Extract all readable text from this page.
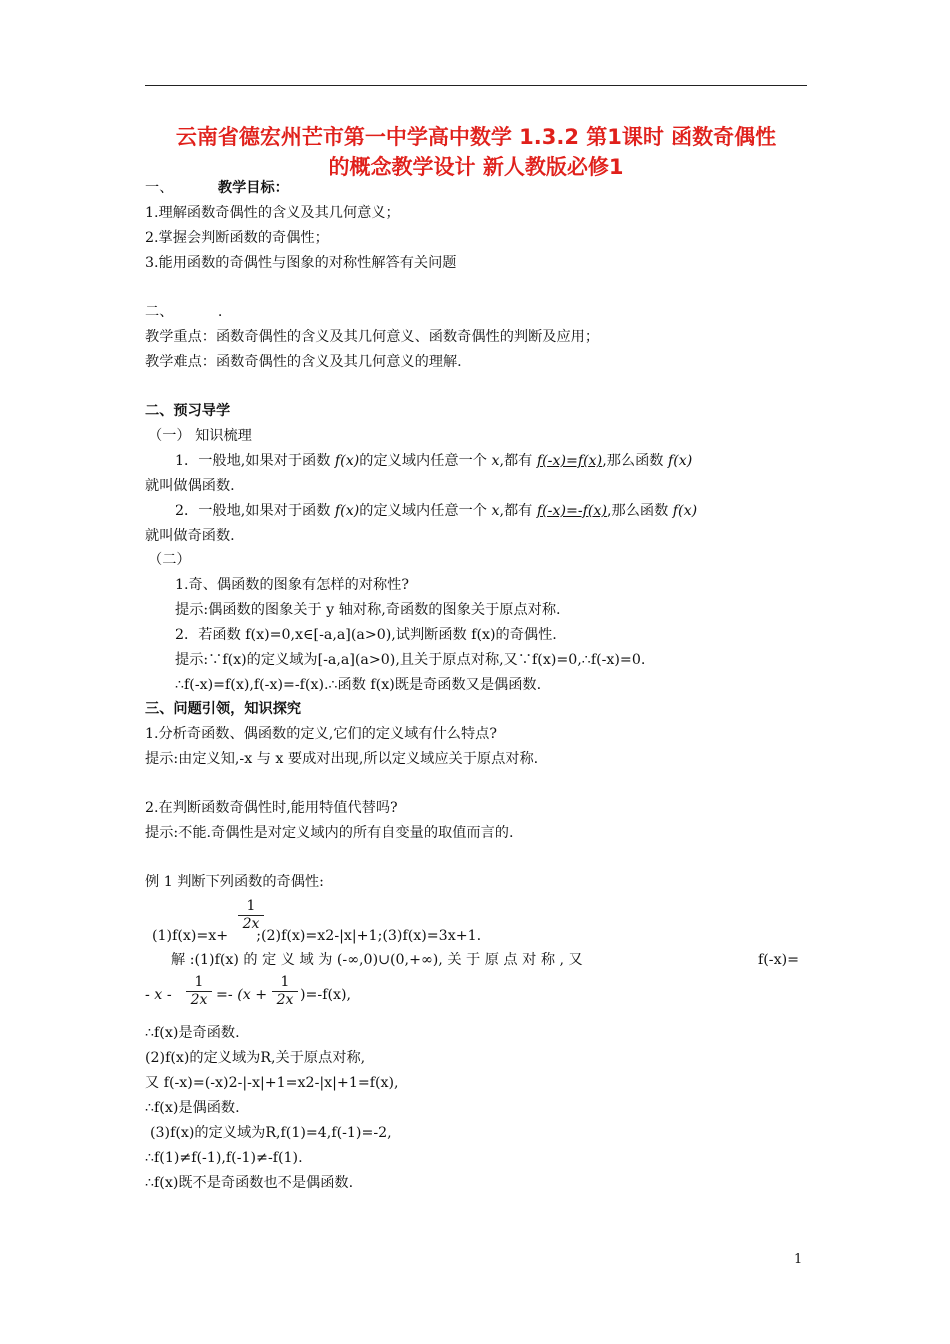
云南省德宏州芒市第一中学高中数学 1.3.2 第1课时 函数奇偶性
的概念教学设计 新人教版必修1
一、	教学目标：
1.理解函数奇偶性的含义及其几何意义；
2.掌握会判断函数的奇偶性；
3.能用函数的奇偶性与图象的对称性解答有关问题
二、	.
教学重点：函数奇偶性的含义及其几何意义、函数奇偶性的判断及应用；
教学难点：函数奇偶性的含义及其几何意义的理解.
二、预习导学
（一） 知识梳理
1．一般地,如果对于函数 f(x)的定义域内任意一个 x,都有 f(-x)=f(x),那么函数 f(x)
就叫做偶函数.
2．一般地,如果对于函数 f(x)的定义域内任意一个 x,都有 f(-x)=-f(x),那么函数 f(x)
就叫做奇函数.
（二）
1.奇、偶函数的图象有怎样的对称性?
提示:偶函数的图象关于 y 轴对称,奇函数的图象关于原点对称.
2．若函数 f(x)=0,x∈[-a,a](a>0),试判断函数 f(x)的奇偶性.
提示:∵f(x)的定义域为[-a,a](a>0),且关于原点对称,又∵f(x)=0,∴f(-x)=0.
∴f(-x)=f(x),f(-x)=-f(x).∴函数 f(x)既是奇函数又是偶函数.
三、问题引领，知识探究
1.分析奇函数、偶函数的定义,它们的定义域有什么特点?
提示:由定义知,-x 与 x 要成对出现,所以定义域应关于原点对称.
2.在判断函数奇偶性时,能用特值代替吗?
提示:不能.奇偶性是对定义域内的所有自变量的取值而言的.
例 1 判断下列函数的奇偶性:
$\frac{1}{2x}$
(1)f(x)=x+ ;(2)f(x)=x2-|x|+1;(3)f(x)=3x+1.
解 :(1)f(x) 的 定 义 域 为 (-∞,0)∪(0,+∞), 关 于 原 点 对 称 , 又	f(-x)=
- $x - \frac{1}{2x} =- (x + \frac{1}{2x} )=-f(x)$,
∴f(x)是奇函数.
(2)f(x)的定义域为R,关于原点对称,
又 f(-x)=(-x)2-|-x|+1=x2-|x|+1=f(x),
∴f(x)是偶函数.
(3)f(x)的定义域为R,f(1)=4,f(-1)=-2,
∴f(1)≠f(-1),f(-1)≠-f(1).
∴f(x)既不是奇函数也不是偶函数.
1
